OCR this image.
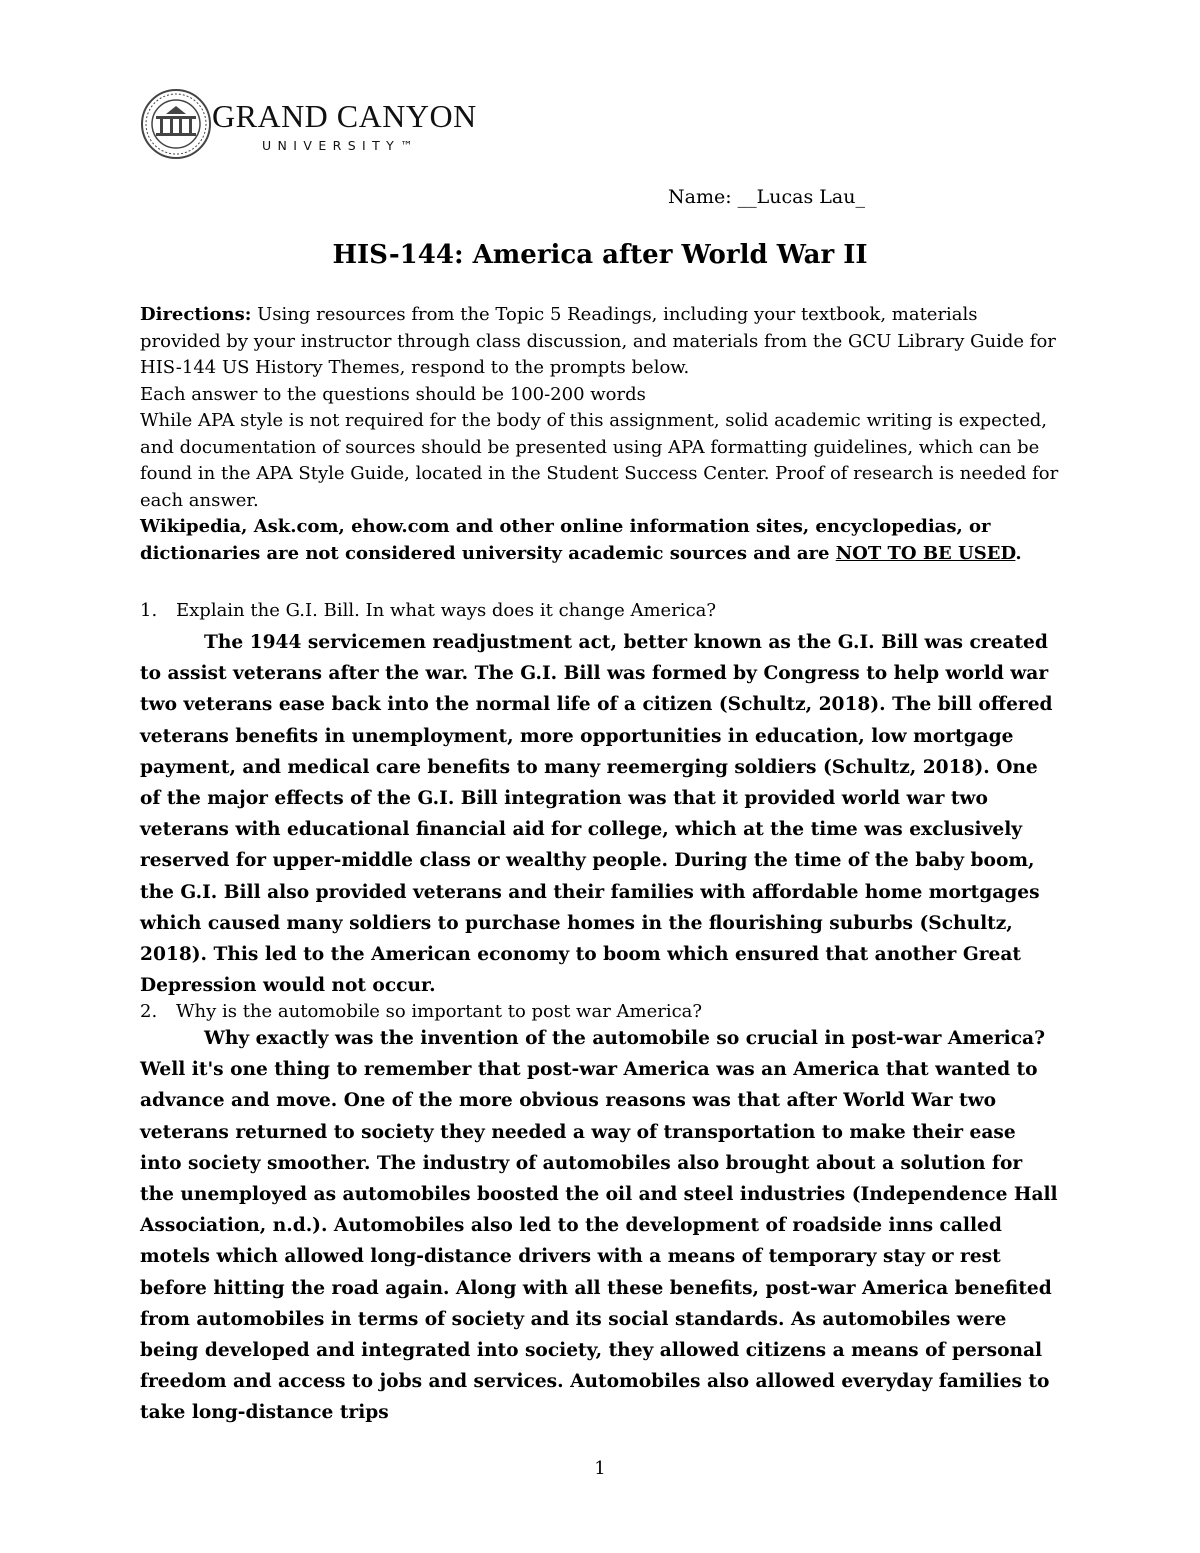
GRAND CANYON
UNIVERSITY™
Name: __Lucas Lau_
HIS-144: America after World War II

Directions: Using resources from the Topic 5 Readings, including your textbook, materials provided by your instructor through class discussion, and materials from the GCU Library Guide for HIS-144 US History Themes, respond to the prompts below.

Each answer to the questions should be 100-200 words

While APA style is not required for the body of this assignment, solid academic writing is expected, and documentation of sources should be presented using APA formatting guidelines, which can be found in the APA Style Guide, located in the Student Success Center. Proof of research is needed for each answer.

Wikipedia, Ask.com, ehow.com and other online information sites, encyclopedias, or dictionaries are not considered university academic sources and are NOT TO BE USED.

1. Explain the G.I. Bill. In what ways does it change America?

The 1944 servicemen readjustment act, better known as the G.I. Bill was created to assist veterans after the war. The G.I. Bill was formed by Congress to help world war two veterans ease back into the normal life of a citizen (Schultz, 2018). The bill offered veterans benefits in unemployment, more opportunities in education, low mortgage payment, and medical care benefits to many reemerging soldiers (Schultz, 2018). One of the major effects of the G.I. Bill integration was that it provided world war two veterans with educational financial aid for college, which at the time was exclusively reserved for upper-middle class or wealthy people. During the time of the baby boom, the G.I. Bill also provided veterans and their families with affordable home mortgages which caused many soldiers to purchase homes in the flourishing suburbs (Schultz, 2018). This led to the American economy to boom which ensured that another Great Depression would not occur.

2. Why is the automobile so important to post war America?

Why exactly was the invention of the automobile so crucial in post-war America? Well it's one thing to remember that post-war America was an America that wanted to advance and move. One of the more obvious reasons was that after World War two veterans returned to society they needed a way of transportation to make their ease into society smoother. The industry of automobiles also brought about a solution for the unemployed as automobiles boosted the oil and steel industries (Independence Hall Association, n.d.). Automobiles also led to the development of roadside inns called motels which allowed long-distance drivers with a means of temporary stay or rest before hitting the road again. Along with all these benefits, post-war America benefited from automobiles in terms of society and its social standards. As automobiles were being developed and integrated into society, they allowed citizens a means of personal freedom and access to jobs and services. Automobiles also allowed everyday families to take long-distance trips

1
